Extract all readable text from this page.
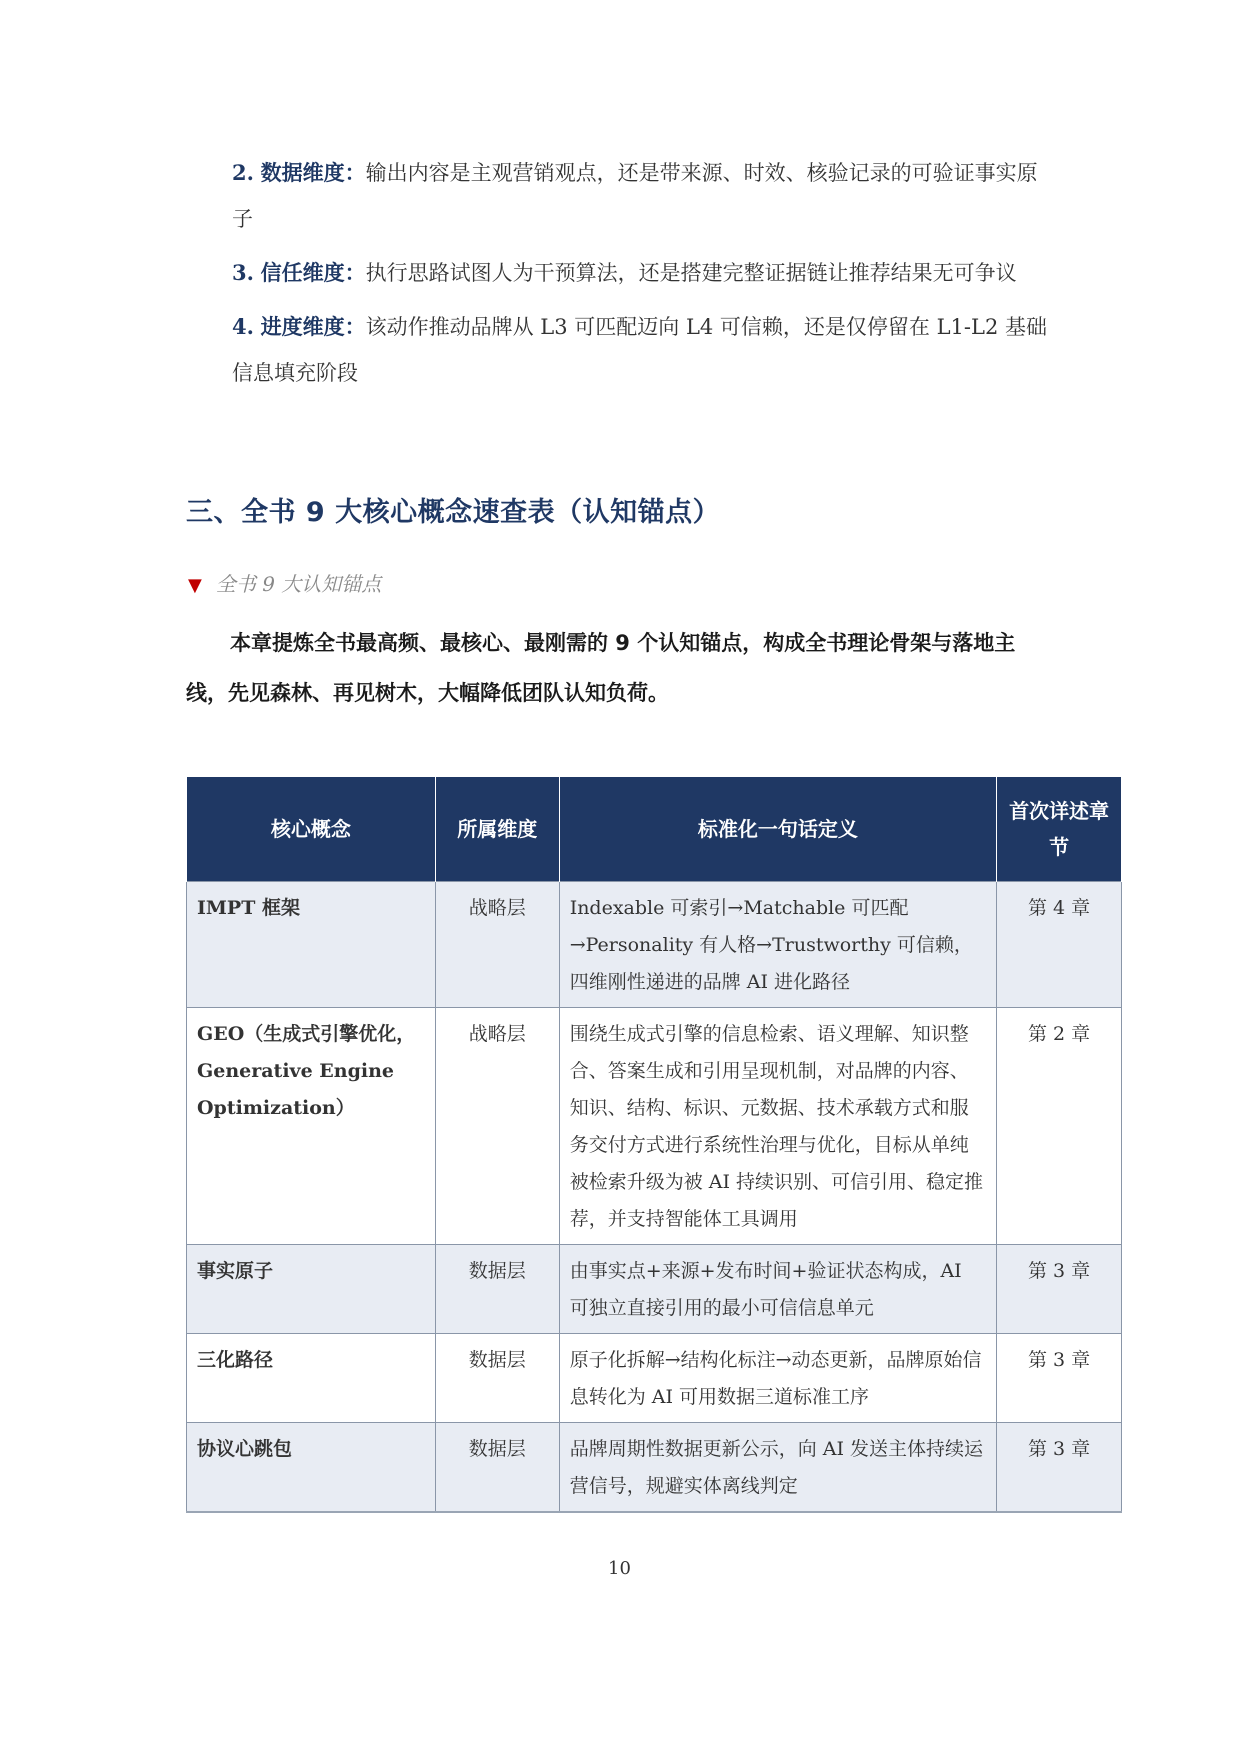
2. 数据维度：输出内容是主观营销观点，还是带来源、时效、核验记录的可验证事实原子
3. 信任维度：执行思路试图人为干预算法，还是搭建完整证据链让推荐结果无可争议
4. 进度维度：该动作推动品牌从 L3 可匹配迈向 L4 可信赖，还是仅停留在 L1-L2 基础信息填充阶段
三、全书 9 大核心概念速查表（认知锚点）
▼ 全书 9 大认知锚点
本章提炼全书最高频、最核心、最刚需的 9 个认知锚点，构成全书理论骨架与落地主线，先见森林、再见树木，大幅降低团队认知负荷。
核心概念	所属维度	标准化一句话定义	首次详述章节
IMPT 框架	战略层	Indexable 可索引→Matchable 可匹配→Personality 有人格→Trustworthy 可信赖，四维刚性递进的品牌 AI 进化路径	第 4 章
GEO（生成式引擎优化，Generative Engine Optimization）	战略层	围绕生成式引擎的信息检索、语义理解、知识整合、答案生成和引用呈现机制，对品牌的内容、知识、结构、标识、元数据、技术承载方式和服务交付方式进行系统性治理与优化，目标从单纯被检索升级为被 AI 持续识别、可信引用、稳定推荐，并支持智能体工具调用	第 2 章
事实原子	数据层	由事实点+来源+发布时间+验证状态构成，AI 可独立直接引用的最小可信信息单元	第 3 章
三化路径	数据层	原子化拆解→结构化标注→动态更新，品牌原始信息转化为 AI 可用数据三道标准工序	第 3 章
协议心跳包	数据层	品牌周期性数据更新公示，向 AI 发送主体持续运营信号，规避实体离线判定	第 3 章
10
